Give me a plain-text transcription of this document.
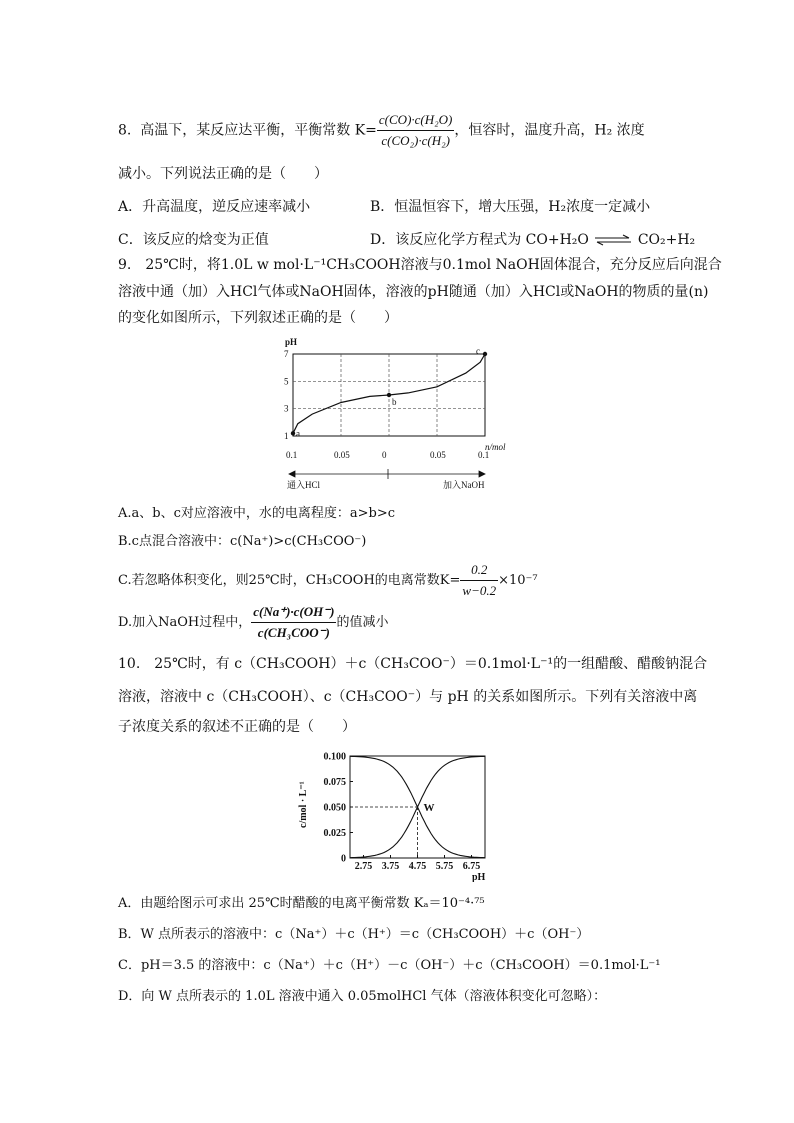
8. 高温下，某反应达平衡，平衡常数 $K= \frac{\text{c(CO)·c(H₂O)}}{\text{c(CO₂)·c(H₂)}}$ ，恒容时，温度升高，H₂ 浓度
减小。下列说法正确的是（　　）
A．升高温度，逆反应速率减小	B．恒温恒容下，增大压强，H₂浓度一定减小
C．该反应的焓变为正值	D．该反应化学方程式为 CO+H₂O ⇌ CO₂+H₂
9.　25℃时，将1.0L w mol·L⁻¹CH₃COOH溶液与0.1mol NaOH固体混合，充分反应后向混合
溶液中通（加）入HCl气体或NaOH固体，溶液的pH随通（加）入HCl或NaOH的物质的量(n)
的变化如图所示，下列叙述正确的是（　　）
pH
n/mol
通入HCl	加入NaOH
1
3
5
7
0.1	0.05	0	0.05	0.1
a
b
c
A.a、b、c对应溶液中，水的电离程度：a>b>c
B.c点混合溶液中：c(Na⁺)>c(CH₃COO⁻)
C.若忽略体积变化，则25℃时，CH₃COOH的电离常数$K= \frac{0.2}{w-0.2} \times 10^{-7}$
D.加入NaOH过程中， $\frac{c(Na^+)\cdot c(OH^-)}{\text{c(CH₃COO⁻)}}$ 的值减小
10.　25℃时，有 c（CH₃COOH）＋c（CH₃COO⁻）＝0.1mol·L⁻¹的一组醋酸、醋酸钠混合
溶液，溶液中 c（CH₃COOH）、c（CH₃COO⁻）与 pH 的关系如图所示。下列有关溶液中离
子浓度关系的叙述不正确的是（　　）
c/mol · L⁻¹
pH
0
0.025
0.050
0.075
0.100
2.75 3.75 4.75 5.75 6.75
W
A．由题给图示可求出 25℃时醋酸的电离平衡常数 Kₐ＝10⁻⁴·⁷⁵
B．W 点所表示的溶液中：c（Na⁺）＋c（H⁺）＝c（CH₃COOH）＋c（OH⁻）
C．pH＝3.5 的溶液中：c（Na⁺）＋c（H⁺）－c（OH⁻）＋c（CH₃COOH）＝0.1mol·L⁻¹
D．向 W 点所表示的 1.0L 溶液中通入 0.05molHCl 气体（溶液体积变化可忽略）：
